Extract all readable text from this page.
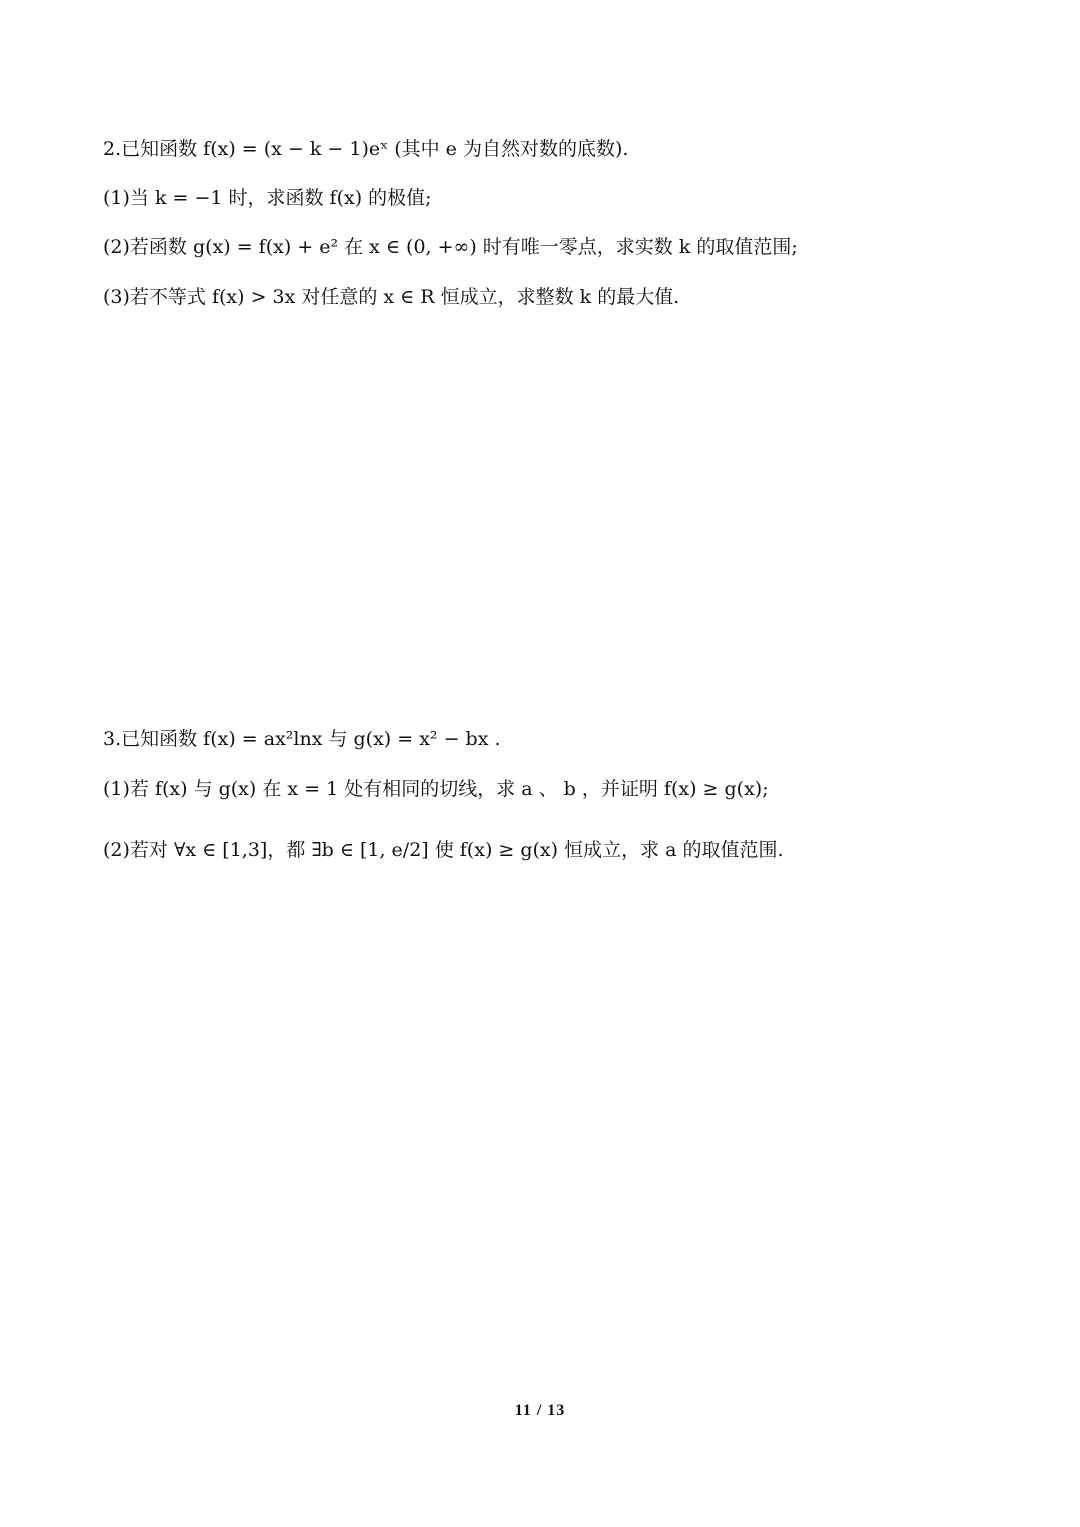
2.已知函数 f(x) = (x − k − 1)eˣ (其中 e 为自然对数的底数).
(1)当 k = −1 时，求函数 f(x) 的极值;
(2)若函数 g(x) = f(x) + e² 在 x ∈ (0, +∞) 时有唯一零点，求实数 k 的取值范围;
(3)若不等式 f(x) > 3x 对任意的 x ∈ R 恒成立，求整数 k 的最大值.
3.已知函数 f(x) = ax²lnx 与 g(x) = x² − bx .
(1)若 f(x) 与 g(x) 在 x = 1 处有相同的切线，求 a 、 b ，并证明 f(x) ≥ g(x);
(2)若对 ∀x ∈ [1,3]，都 ∃b ∈ [1, e/2] 使 f(x) ≥ g(x) 恒成立，求 a 的取值范围.
11 / 13
